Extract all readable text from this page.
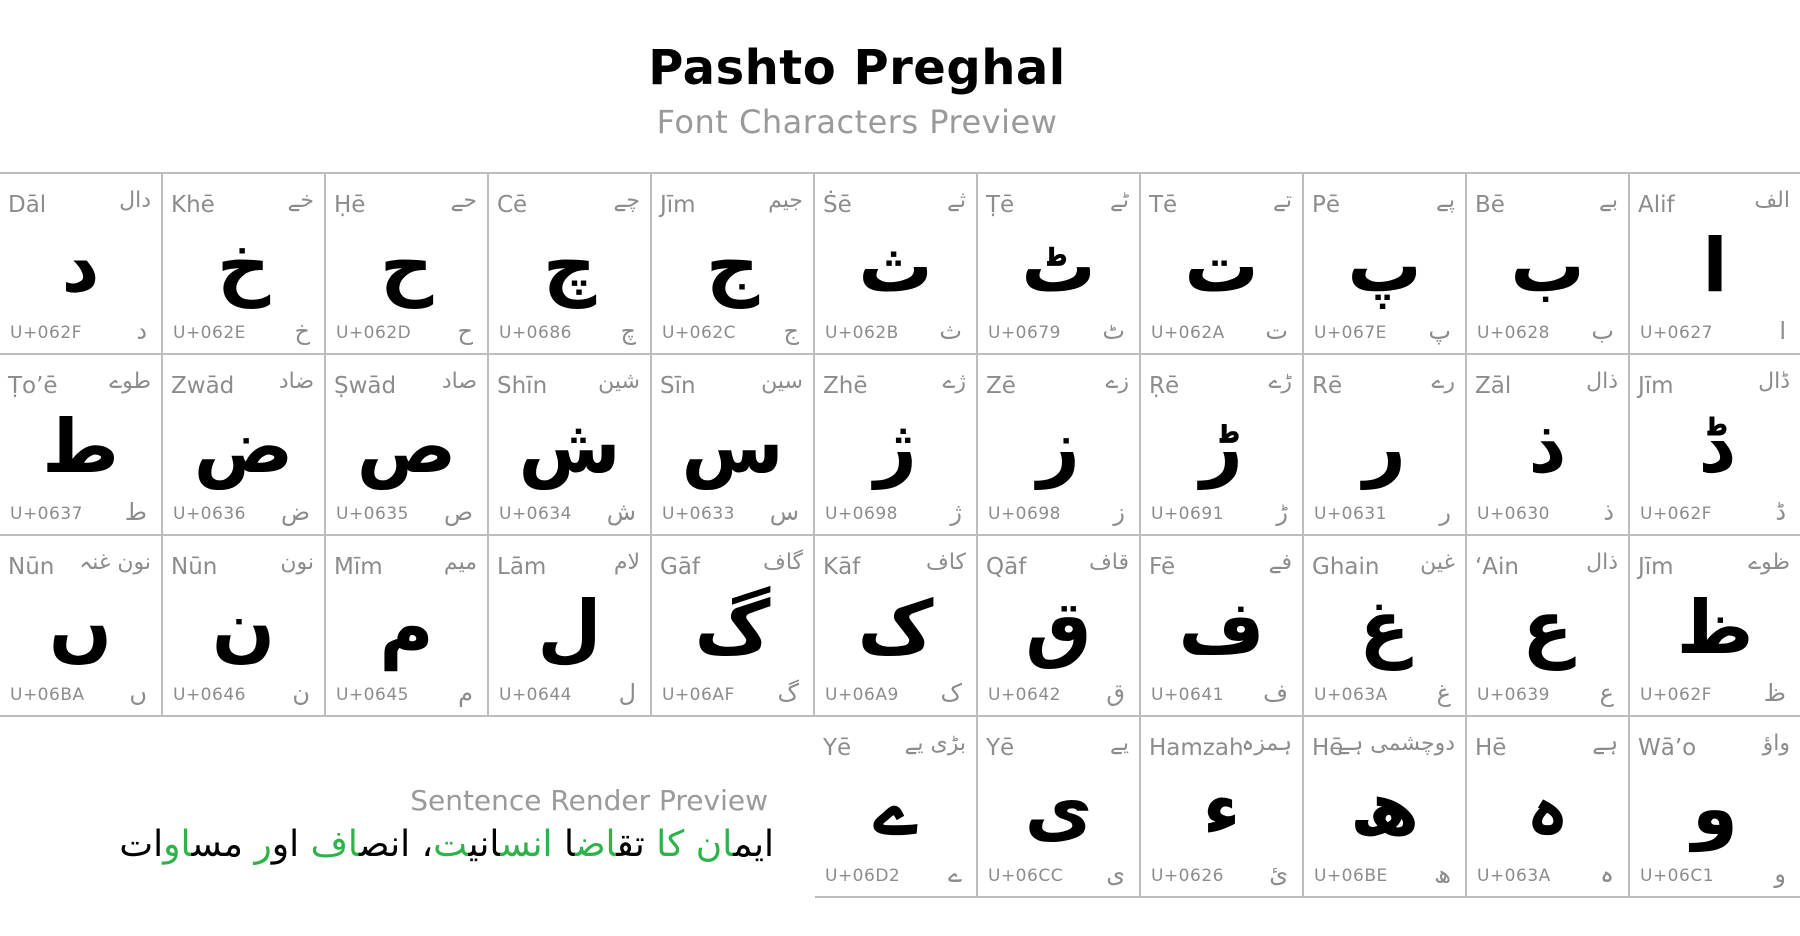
Pashto Preghal
Font Characters Preview
Dāl	دال
د
U+062F د
Khē	خے
خ
U+062E خ
Ḥē	حے
ح
U+062D ح
Cē	چے
چ
U+0686 چ
Jīm	جيم
ج
U+062C ج
Ṡē	ثے
ث
U+062B ث
Ṭē	ٹے
ٹ
U+0679 ٹ
Tē	تے
ت
U+062A ت
Pē	پے
پ
U+067E پ
Bē	بے
ب
U+0628 ب
Alif	الف
ا
U+0627	ا
Ṭo’ē طوے
ط
U+0637 ط
Zwād ضاد
ض
U+0636 ض
Ṣwād صاد
ص
U+0635 ص
Shīn شين
ش
U+0634 ش
Sīn	سين
س
U+0633 س
Zhē	ژے
ژ
U+0698 ژ
Zē	زے
ز
U+0698 ز
Ṛē	ڑے
ڑ
U+0691 ڑ
Rē	رے
ر
U+0631 ر
Zāl	ذال
ذ
U+0630 ذ
Jīm	ڈال
ڈ
U+062F	ڈ
Nūn نون غنہ
ں
U+06BA ں
Nūn	نون
ن
U+0646 ن
Mīm	ميم
م
U+0645 م
Lām	لام
ل
U+0644 ل
Gāf	گاف
گ
U+06AF گ
Kāf	کاف
ک
U+06A9 ک
Qāf	قاف
ق
U+0642 ق
Fē	فے
ف
U+0641 ف
Ghain غين
غ
U+063A غ
‘Ain	ذال
ع
U+0639 ع
Jīm	ظوے
ظ
U+062F ظ
Yē بڑی یے
ے
U+06D2 ے
Yē	یے
ی
U+06CC ی
Hamzah
ہمزہ
ء
U+0626 ئ
Hē
دوچشمی ہے
ھ
U+06BE ھ
Hē	ہے
ہ
U+063A ہ
Wā’o	واؤ
و
U+06C1	و
Sentence Render Preview
ایمان کا تقاضا انسانیت، انصاف اور مساوات
